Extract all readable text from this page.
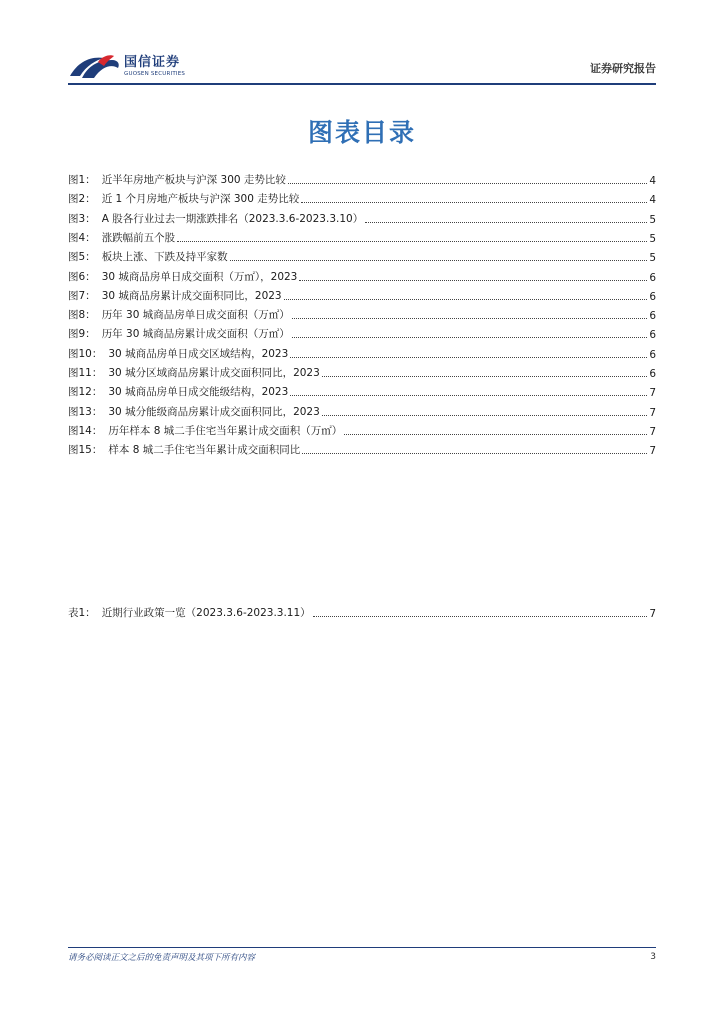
国信证券
GUOSEN SECURITIES	证券研究报告
图表目录
图1： 近半年房地产板块与沪深 300 走势比较	4
图2： 近 1 个月房地产板块与沪深 300 走势比较	4
图3： A 股各行业过去一期涨跌排名（2023.3.6-2023.3.10）	5
图4： 涨跌幅前五个股	5
图5： 板块上涨、下跌及持平家数	5
图6： 30 城商品房单日成交面积（万㎡），2023	6
图7： 30 城商品房累计成交面积同比，2023	6
图8： 历年 30 城商品房单日成交面积（万㎡）	6
图9： 历年 30 城商品房累计成交面积（万㎡）	6
图10： 30 城商品房单日成交区域结构，2023	6
图11： 30 城分区域商品房累计成交面积同比，2023	6
图12： 30 城商品房单日成交能级结构，2023	7
图13： 30 城分能级商品房累计成交面积同比，2023	7
图14： 历年样本 8 城二手住宅当年累计成交面积（万㎡）	7
图15： 样本 8 城二手住宅当年累计成交面积同比	7
表1： 近期行业政策一览（2023.3.6-2023.3.11）	7
请务必阅读正文之后的免责声明及其项下所有内容	3
